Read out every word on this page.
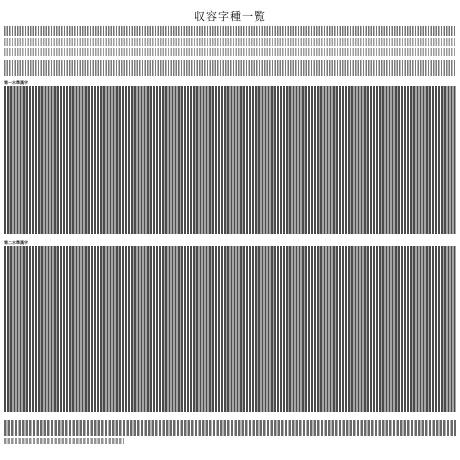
収容字種一覧
第一水準漢字
第二水準漢字
